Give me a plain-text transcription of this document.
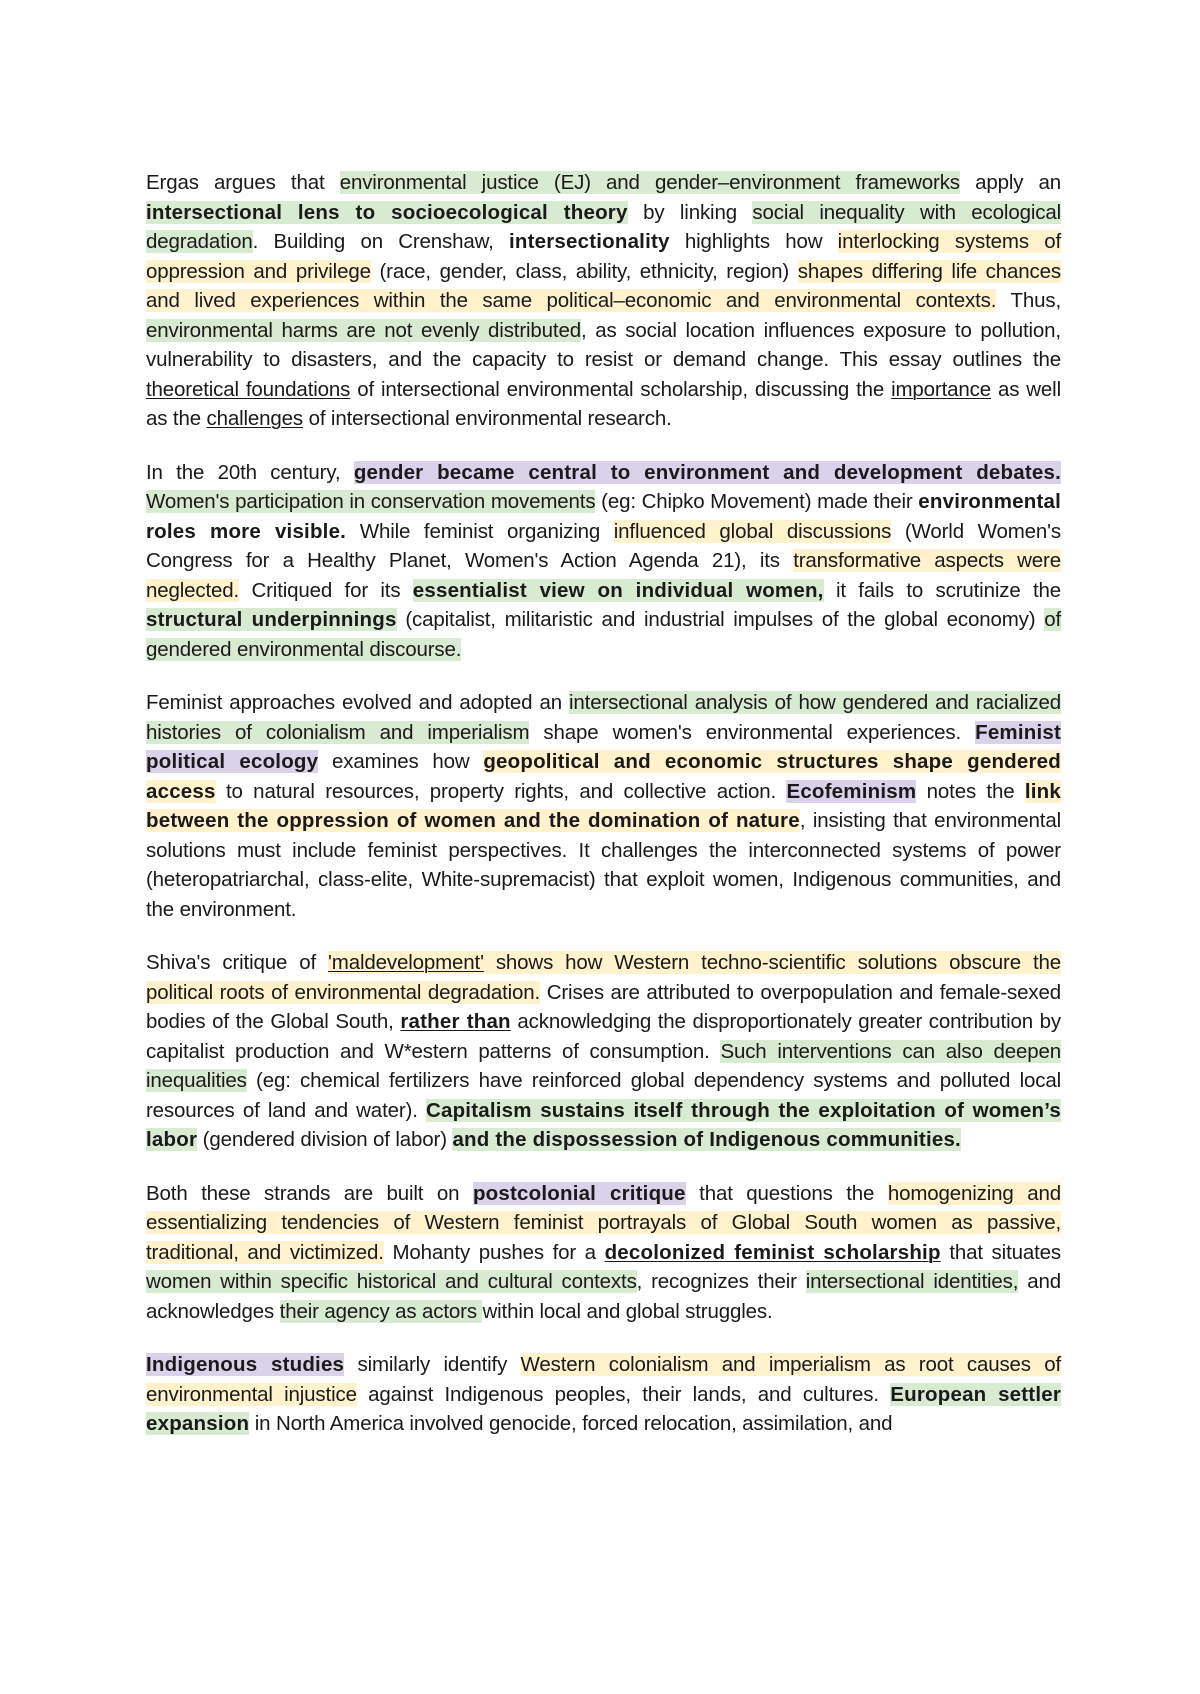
Ergas argues that environmental justice (EJ) and gender–environment frameworks apply an intersectional lens to socioecological theory by linking social inequality with ecological degradation. Building on Crenshaw, intersectionality highlights how interlocking systems of oppression and privilege (race, gender, class, ability, ethnicity, region) shapes differing life chances and lived experiences within the same political–economic and environmental contexts. Thus, environmental harms are not evenly distributed, as social location influences exposure to pollution, vulnerability to disasters, and the capacity to resist or demand change. This essay outlines the theoretical foundations of intersectional environmental scholarship, discussing the importance as well as the challenges of intersectional environmental research.

In the 20th century, gender became central to environment and development debates. Women's participation in conservation movements (eg: Chipko Movement) made their environmental roles more visible. While feminist organizing influenced global discussions (World Women's Congress for a Healthy Planet, Women's Action Agenda 21), its transformative aspects were neglected. Critiqued for its essentialist view on individual women, it fails to scrutinize the structural underpinnings (capitalist, militaristic and industrial impulses of the global economy) of gendered environmental discourse.

Feminist approaches evolved and adopted an intersectional analysis of how gendered and racialized histories of colonialism and imperialism shape women's environmental experiences. Feminist political ecology examines how geopolitical and economic structures shape gendered access to natural resources, property rights, and collective action. Ecofeminism notes the link between the oppression of women and the domination of nature, insisting that environmental solutions must include feminist perspectives. It challenges the interconnected systems of power (heteropatriarchal, class-elite, White-supremacist) that exploit women, Indigenous communities, and the environment.

Shiva's critique of 'maldevelopment' shows how Western techno-scientific solutions obscure the political roots of environmental degradation. Crises are attributed to overpopulation and female-sexed bodies of the Global South, rather than acknowledging the disproportionately greater contribution by capitalist production and W*estern patterns of consumption. Such interventions can also deepen inequalities (eg: chemical fertilizers have reinforced global dependency systems and polluted local resources of land and water). Capitalism sustains itself through the exploitation of women’s labor (gendered division of labor) and the dispossession of Indigenous communities.

Both these strands are built on postcolonial critique that questions the homogenizing and essentializing tendencies of Western feminist portrayals of Global South women as passive, traditional, and victimized. Mohanty pushes for a decolonized feminist scholarship that situates women within specific historical and cultural contexts, recognizes their intersectional identities, and acknowledges their agency as actors within local and global struggles.

Indigenous studies similarly identify Western colonialism and imperialism as root causes of environmental injustice against Indigenous peoples, their lands, and cultures. European settler expansion in North America involved genocide, forced relocation, assimilation, and
